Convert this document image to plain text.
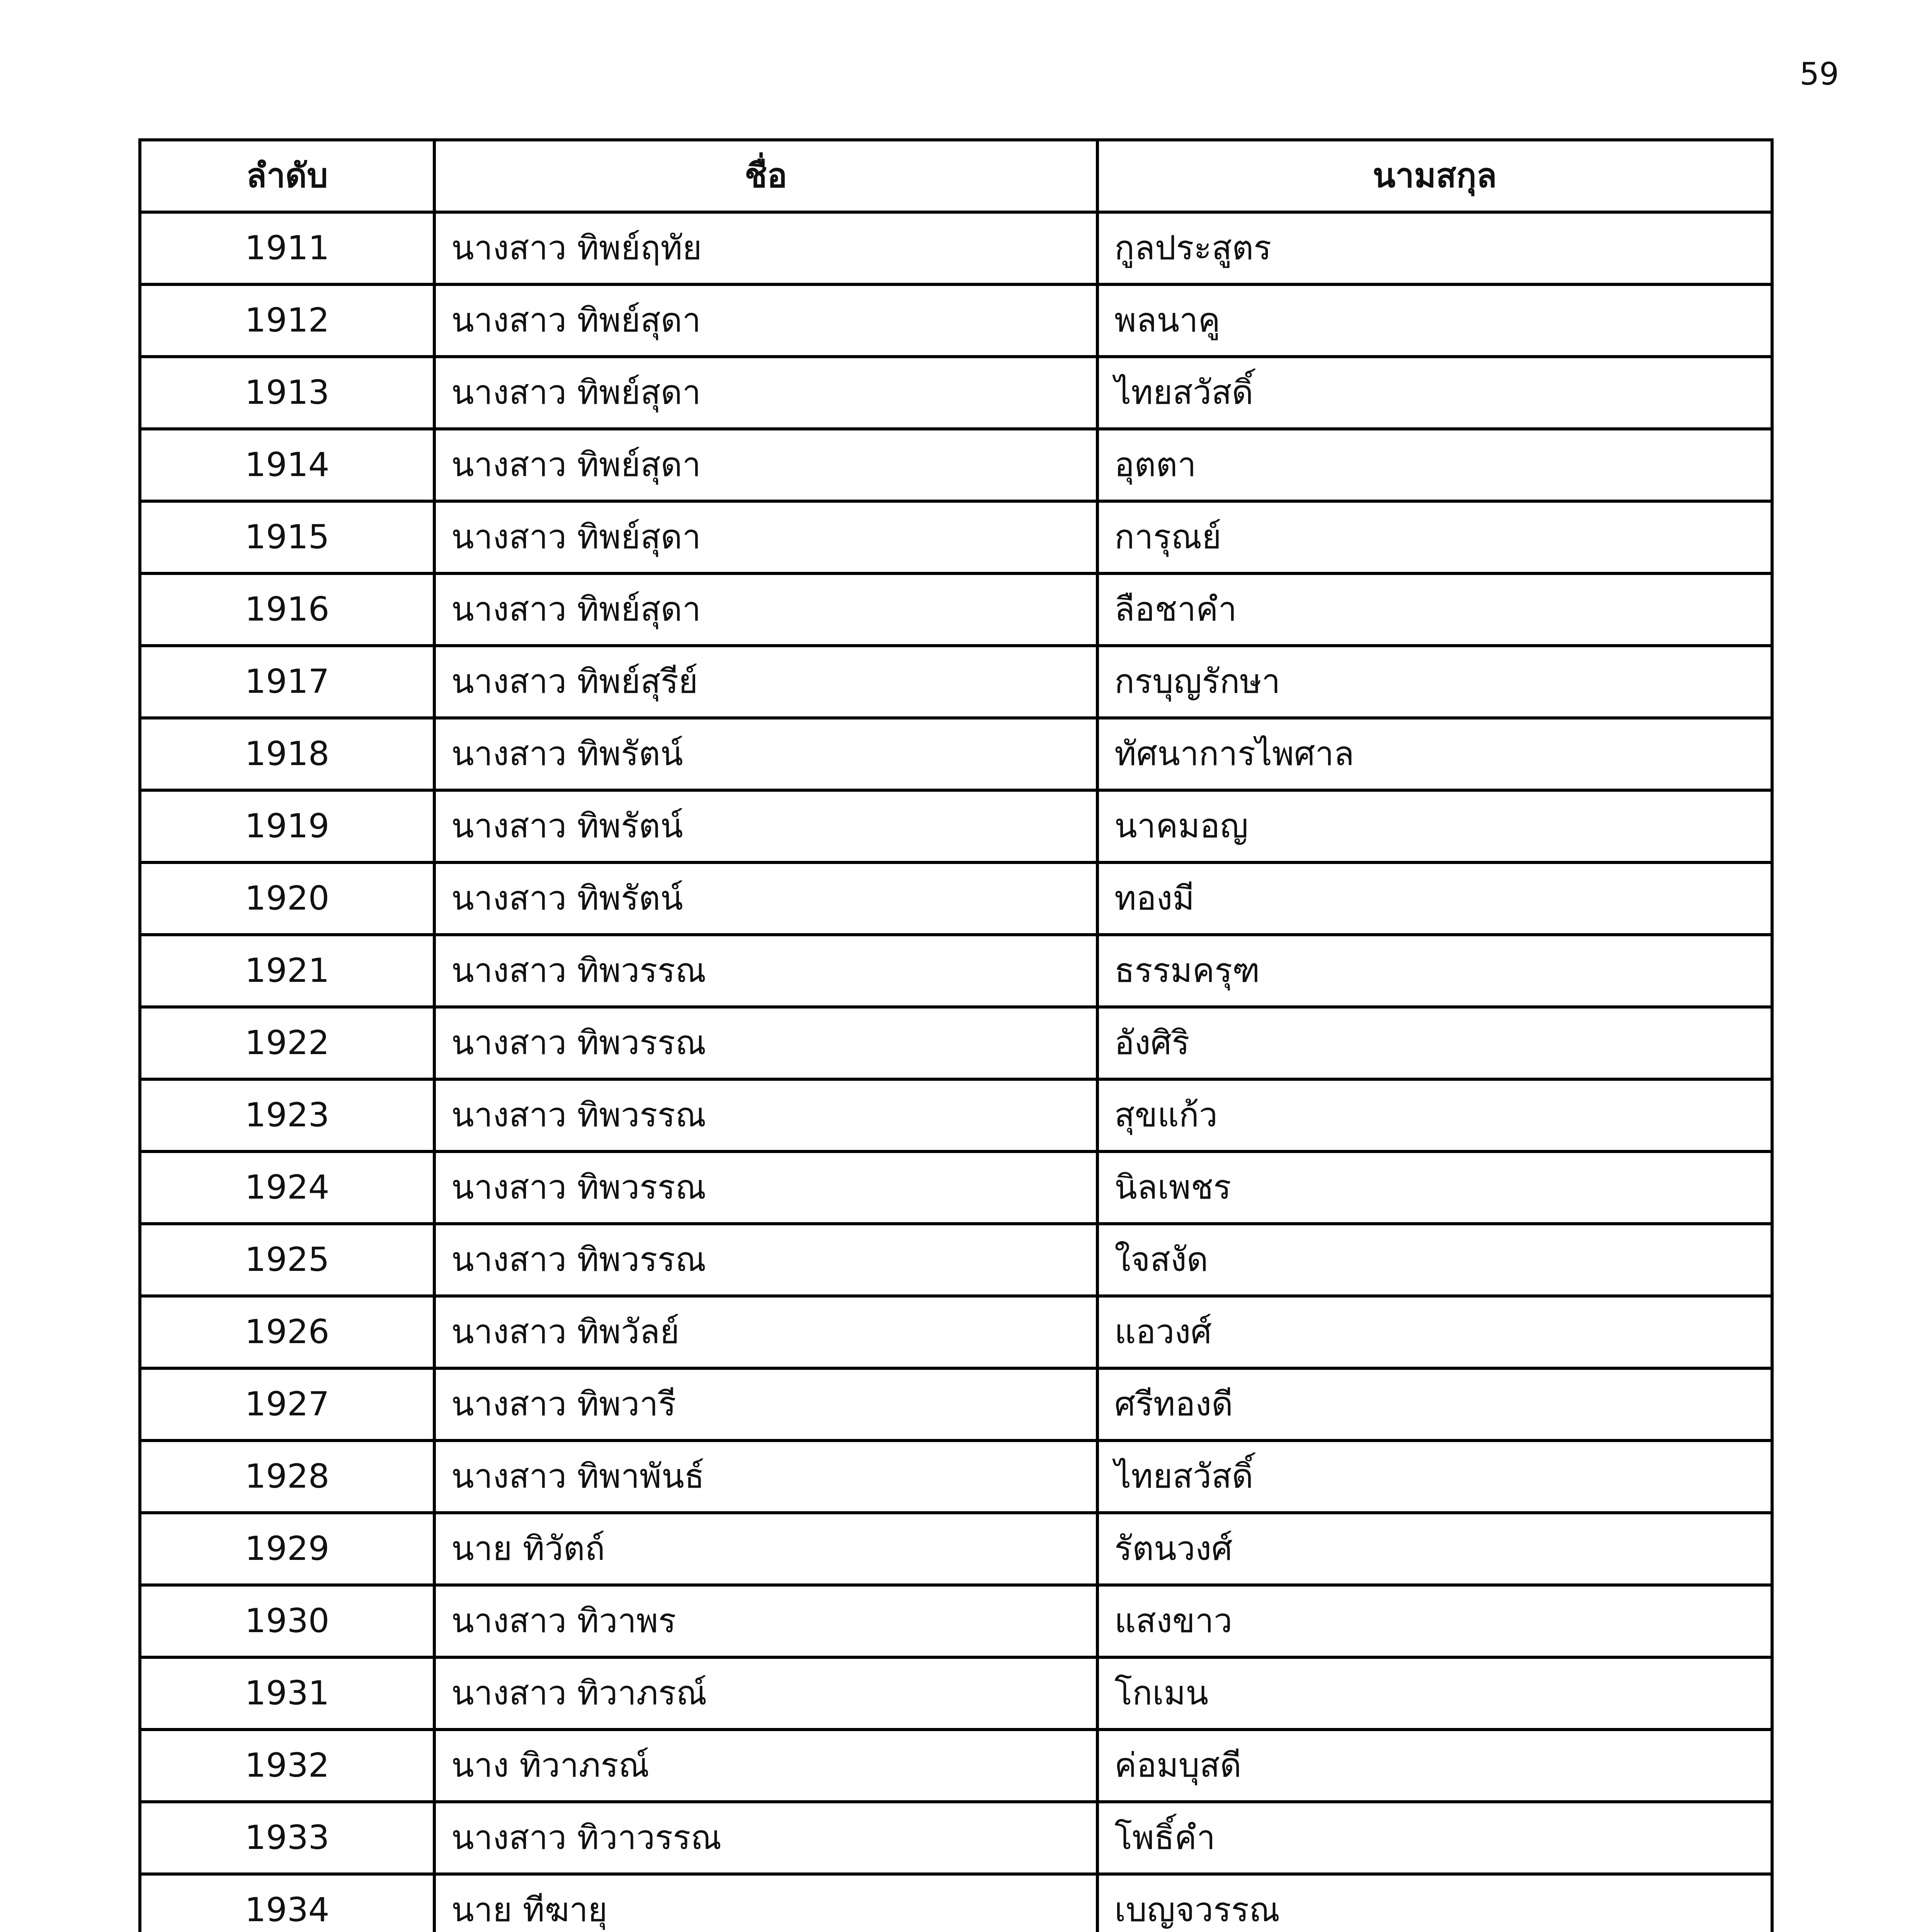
59
ลำดับ	ชื่อ	นามสกุล
1911	นางสาว ทิพย์ฤทัย	กูลประสูตร
1912	นางสาว ทิพย์สุดา	พลนาคู
1913	นางสาว ทิพย์สุดา	ไทยสวัสดิ์
1914	นางสาว ทิพย์สุดา	อุตตา
1915	นางสาว ทิพย์สุดา	การุณย์
1916	นางสาว ทิพย์สุดา	ลือชาคำ
1917	นางสาว ทิพย์สุรีย์	กรบุญรักษา
1918	นางสาว ทิพรัตน์	ทัศนาการไพศาล
1919	นางสาว ทิพรัตน์	นาคมอญ
1920	นางสาว ทิพรัตน์	ทองมี
1921	นางสาว ทิพวรรณ	ธรรมครุฑ
1922	นางสาว ทิพวรรณ	อังศิริ
1923	นางสาว ทิพวรรณ	สุขแก้ว
1924	นางสาว ทิพวรรณ	นิลเพชร
1925	นางสาว ทิพวรรณ	ใจสงัด
1926	นางสาว ทิพวัลย์	แอวงศ์
1927	นางสาว ทิพวารี	ศรีทองดี
1928	นางสาว ทิพาพันธ์	ไทยสวัสดิ์
1929	นาย ทิวัตถ์	รัตนวงศ์
1930	นางสาว ทิวาพร	แสงขาว
1931	นางสาว ทิวาภรณ์	โกเมน
1932	นาง ทิวาภรณ์	ค่อมบุสดี
1933	นางสาว ทิวาวรรณ	โพธิ์คำ
1934	นาย ทีฆายุ	เบญจวรรณ
